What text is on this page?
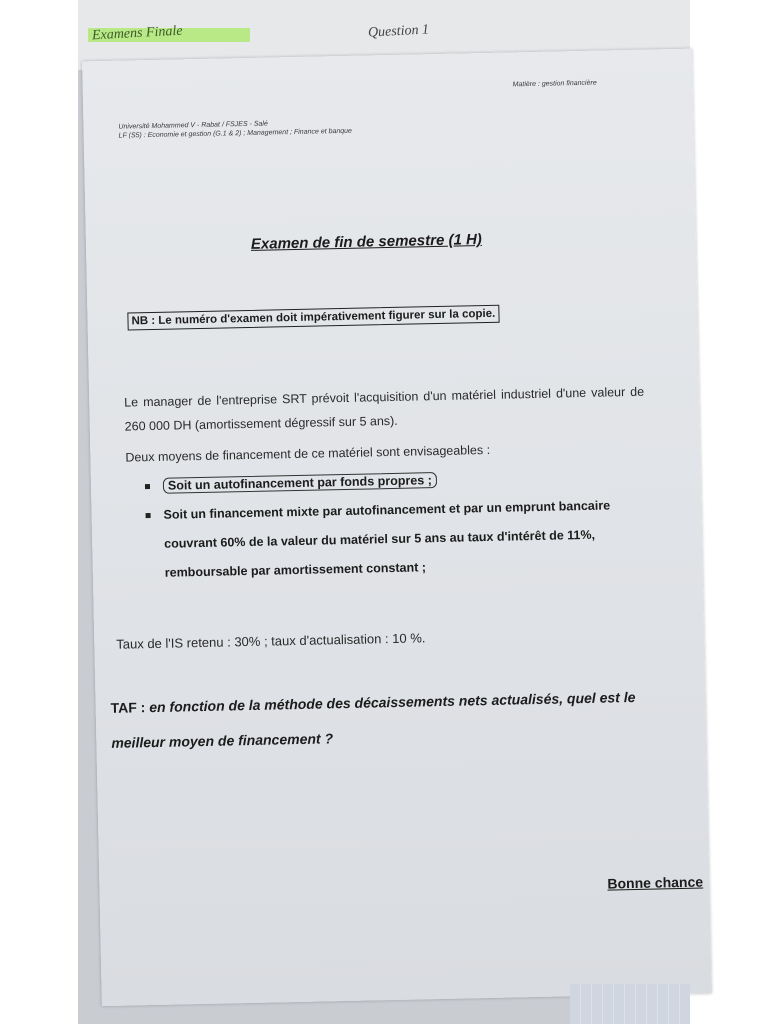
Examens Finale	Question 1
Matière : gestion financière
Université Mohammed V - Rabat / FSJES - Salé
LF (S5) : Economie et gestion (G.1 & 2) ; Management ; Finance et banque
Examen de fin de semestre (1 H)
NB : Le numéro d'examen doit impérativement figurer sur la copie.
Le manager de l'entreprise SRT prévoit l'acquisition d'un matériel industriel d'une valeur de 260 000 DH (amortissement dégressif sur 5 ans).
Deux moyens de financement de ce matériel sont envisageables :
Soit un autofinancement par fonds propres ;
Soit un financement mixte par autofinancement et par un emprunt bancaire couvrant 60% de la valeur du matériel sur 5 ans au taux d'intérêt de 11%, remboursable par amortissement constant ;
Taux de l'IS retenu : 30% ; taux d'actualisation : 10 %.
TAF : en fonction de la méthode des décaissements nets actualisés, quel est le meilleur moyen de financement ?
Bonne chance
